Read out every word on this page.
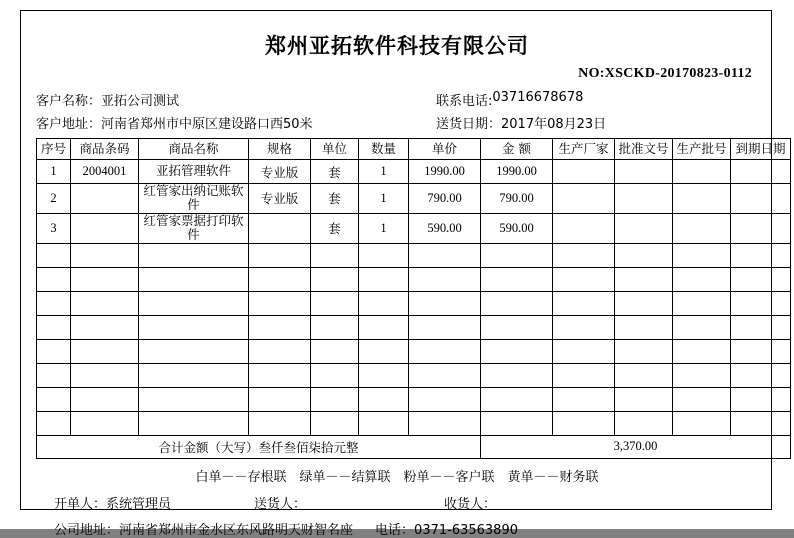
郑州亚拓软件科技有限公司
NO:XSCKD-20170823-0112
客户名称： 亚拓公司测试	联系电话: 03716678678
客户地址： 河南省郑州市中原区建设路口西50米	送货日期： 2017年08月23日
序号	商品条码	商品名称	规格	单位	数量	单价	金 额	生产厂家	批准文号	生产批号	到期日期
1	2004001	亚拓管理软件	专业版	套	1	1990.00	1990.00				
2		红管家出纳记账软件	专业版	套	1	790.00	790.00				
3		红管家票据打印软件		套	1	590.00	590.00				

合计金额（大写）叁仟叁佰柒拾元整							3,370.00				
白单－－存根联　绿单－－结算联　粉单－－客户联　黄单－－财务联
开单人：系统管理员	送货人：	收货人：
公司地址：河南省郑州市金水区东风路明天财智名座 电话：0371-63563890
